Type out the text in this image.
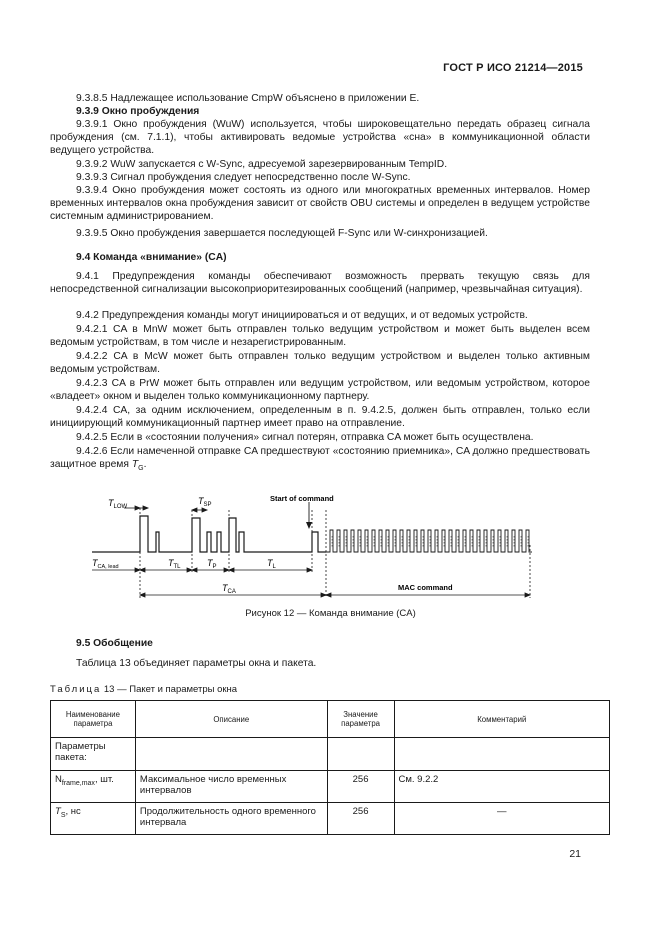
ГОСТ Р ИСО 21214—2015
9.3.8.5 Надлежащее использование CmpW объяснено в приложении E.
9.3.9 Окно пробуждения
9.3.9.1 Окно пробуждения (WuW) используется, чтобы широковещательно передать образец сигнала пробуждения (см. 7.1.1), чтобы активировать ведомые устройства «сна» в коммуникационной области ведущего устройства.
9.3.9.2 WuW запускается с W-Sync, адресуемой зарезервированным TempID.
9.3.9.3 Сигнал пробуждения следует непосредственно после W-Sync.
9.3.9.4 Окно пробуждения может состоять из одного или многократных временных интервалов. Номер временных интервалов окна пробуждения зависит от свойств OBU системы и определен в ведущем устройстве системным администрированием.
9.3.9.5 Окно пробуждения завершается последующей F-Sync или W-синхронизацией.
9.4 Команда «внимание» (CA)
9.4.1 Предупреждения команды обеспечивают возможность прервать текущую связь для непосредственной сигнализации высокоприоритезированных сообщений (например, чрезвычайная ситуация).
9.4.2 Предупреждения команды могут инициироваться и от ведущих, и от ведомых устройств.
9.4.2.1 CA в MnW может быть отправлен только ведущим устройством и может быть выделен всем ведомым устройствам, в том числе и незарегистрированным.
9.4.2.2 CA в McW может быть отправлен только ведущим устройством и выделен только активным ведомым устройствам.
9.4.2.3 CA в PrW может быть отправлен или ведущим устройством, или ведомым устройством, которое «владеет» окном и выделен только коммуникационному партнеру.
9.4.2.4 CA, за одним исключением, определенным в п. 9.4.2.5, должен быть отправлен, только если инициирующий коммуникационный партнер имеет право на отправление.
9.4.2.5 Если в «состоянии получения» сигнал потерян, отправка CA может быть осуществлена.
9.4.2.6 Если намеченной отправке CA предшествуют «состоянию приемника», CA должно предшествовать защитное время $T_G$.
$T_{LOW}$
$T_{SP}$
Start of command
$T_{CA, lead}$	$T_{TL}$	$T_P$	$T_L$
$T_{CA}$	MAC command
Рисунок 12 — Команда внимание (CA)
9.5 Обобщение
Таблица 13 объединяет параметры окна и пакета.
Таблица 13 — Пакет и параметры окна
Наименование параметра	Описание	Значение параметра	Комментарий
Параметры пакета:			
$N_{frame,max}$, шт.	Максимальное число временных интервалов	256	См. 9.2.2
$T_S$, нс	Продолжительность одного временного интервала	256	—
21
